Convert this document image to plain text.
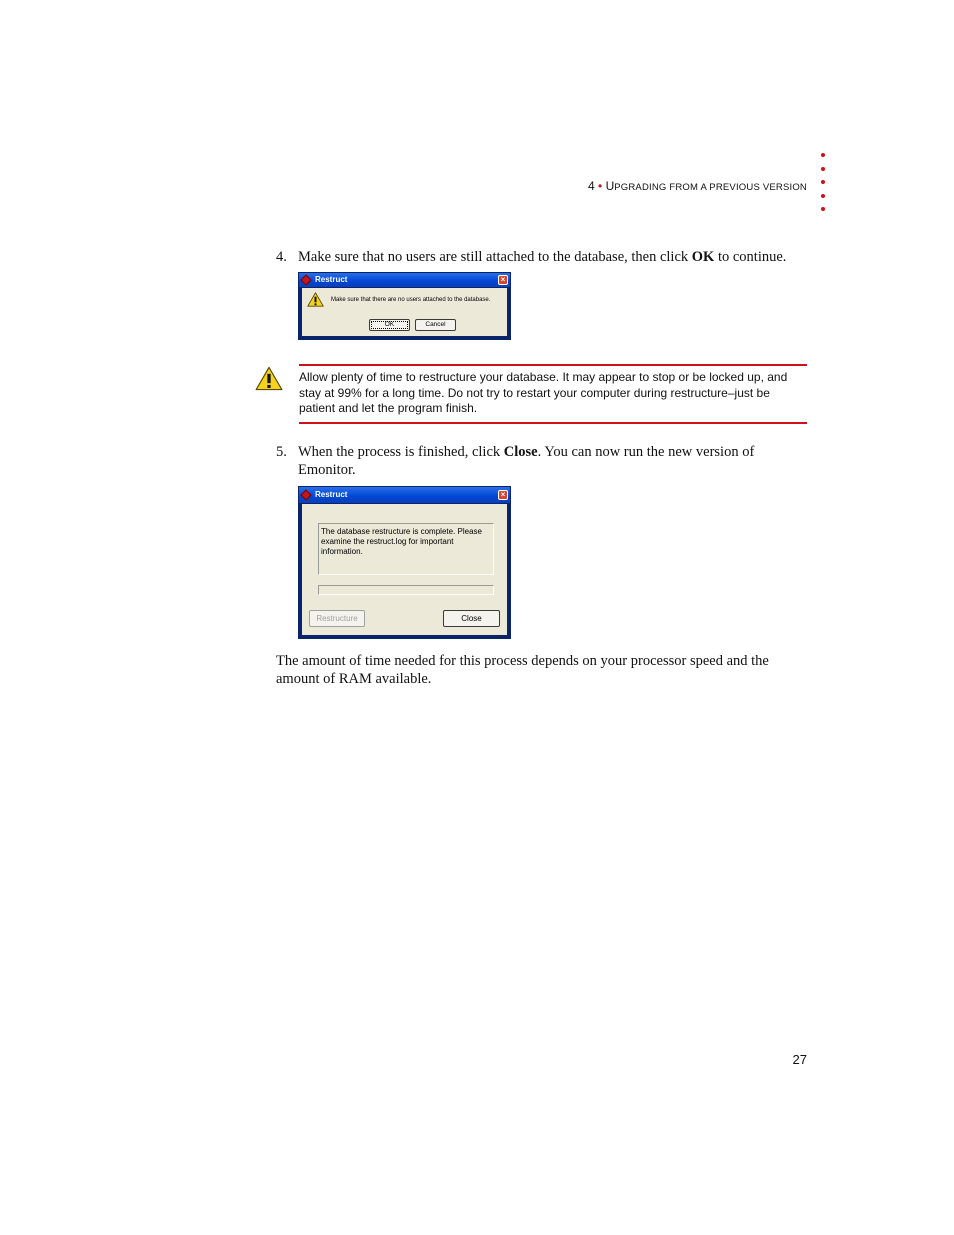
4 • UPGRADING FROM A PREVIOUS VERSION
4. Make sure that no users are still attached to the database, then click OK to continue.
Restruct	×
Make sure that there are no users attached to the database.
OK	Cancel
Allow plenty of time to restructure your database. It may appear to stop or be locked up, and stay at 99% for a long time. Do not try to restart your computer during restructure–just be patient and let the program finish.
5. When the process is finished, click Close. You can now run the new version of Emonitor.
Restruct	×
The database restructure is complete. Please examine the restruct.log for important information.
Restructure	Close
The amount of time needed for this process depends on your processor speed and the amount of RAM available.
27
